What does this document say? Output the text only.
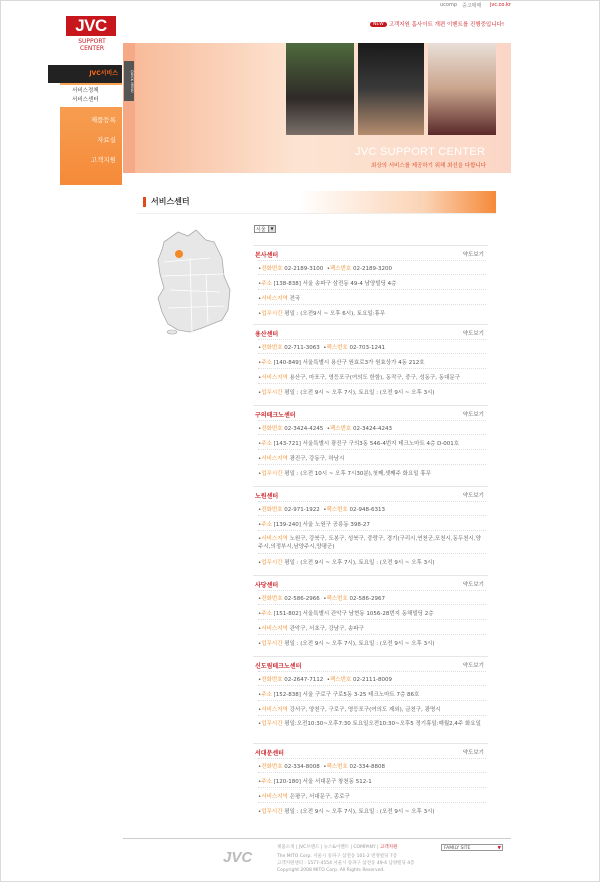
ucomp 중고매매 jvc.co.kr
NEW 고객지원 홈사이트 개편 이벤트를 진행중입니다!
JVC
SUPPORT CENTER
JVC서비스
서비스정책
서비스센터
제품등록
자료실
고객지원
▲ top
QUICK MENU
JVC SUPPORT CENTER
최상의 서비스를 제공하기 위해 최선을 다합니다
서비스센터
서울	▼
본사센터	약도보기
•전화번호 02-2189-3100  •팩스번호 02-2189-3200
•주소 [138-838] 서울 송파구 삼전동 49-4 남양빌딩 4층
•서비스지역 전국
•업무시간 평일 : (오전9시 ~ 오후 6시), 토요일:휴무
용산센터	약도보기
•전화번호 02-711-3063  •팩스번호 02-703-1241
•주소 [140-849] 서울특별시 용산구 원효로3가 원효상가 4동 212호
•서비스지역 용산구, 마포구, 영등포구(여의도 한함), 동작구, 중구, 성동구, 동대문구
•업무시간 평일 : (오전 9시 ~ 오후 7시), 토요일 : (오전 9시 ~ 오후 3시)
구의테크노센터	약도보기
•전화번호 02-3424-4245  •팩스번호 02-3424-4243
•주소 [143-721] 서울특별시 광진구 구의3동 546-4번지 테크노마트 4층 D-001호
•서비스지역 광진구, 강동구, 하남시
•업무시간 평일 : (오전 10시 ~ 오후 7시30분),첫째,셋째주 화요일 휴무
노원센터	약도보기
•전화번호 02-971-1922  •팩스번호 02-948-6313
•주소 [139-240] 서울 노원구 공릉동 398-27
•서비스지역 노원구, 강북구, 도봉구, 성북구, 중랑구, 경기(구리시,연천군,포천시,동두천시,양주시,의정부시,남양주시,양평군)
•업무시간 평일 : (오전 9시 ~ 오후 7시), 토요일 : (오전 9시 ~ 오후 3시)
사당센터	약도보기
•전화번호 02-586-2966  •팩스번호 02-586-2967
•주소 [151-802] 서울특별시 관악구 남현동 1056-28번지 동해빌딩 2층
•서비스지역 관악구, 서초구, 강남구, 송파구
•업무시간 평일 : (오전 9시 ~ 오후 7시), 토요일 : (오전 9시 ~ 오후 3시)
신도림테크노센터	약도보기
•전화번호 02-2647-7112  •팩스번호 02-2111-8009
•주소 [152-838] 서울 구로구 구로5동 3-25 테크노마트 7층 86호
•서비스지역 강서구, 양천구, 구로구, 영등포구(여의도 제외), 금천구, 광명시
•업무시간 평일:오전10:30~오후7:30 토요일오전10:30~오후5 정기휴일:매월2,4주 화요일
서대문센터	약도보기
•전화번호 02-334-8008  •팩스번호 02-334-8808
•주소 [120-180] 서울 서대문구 창천동 512-1
•서비스지역 은평구, 서대문구, 종로구
•업무시간 평일 : (오전 9시 ~ 오후 7시), 토요일 : (오전 9시 ~ 오후 3시)
JVC
제품소개 | JVC브랜드 | 뉴스&이벤트 | COMPANY | 고객지원
The MITO Corp. 서울시 송파구 삼전동 101-2 번정빌딩 7층
고객지원센터 : 1577-4554 서울시 송파구 삼전동 49-4 남양빌딩 4층
Copyright 2008 MITO Corp. All Rights Reserved.
FAMILY SITE	▼
